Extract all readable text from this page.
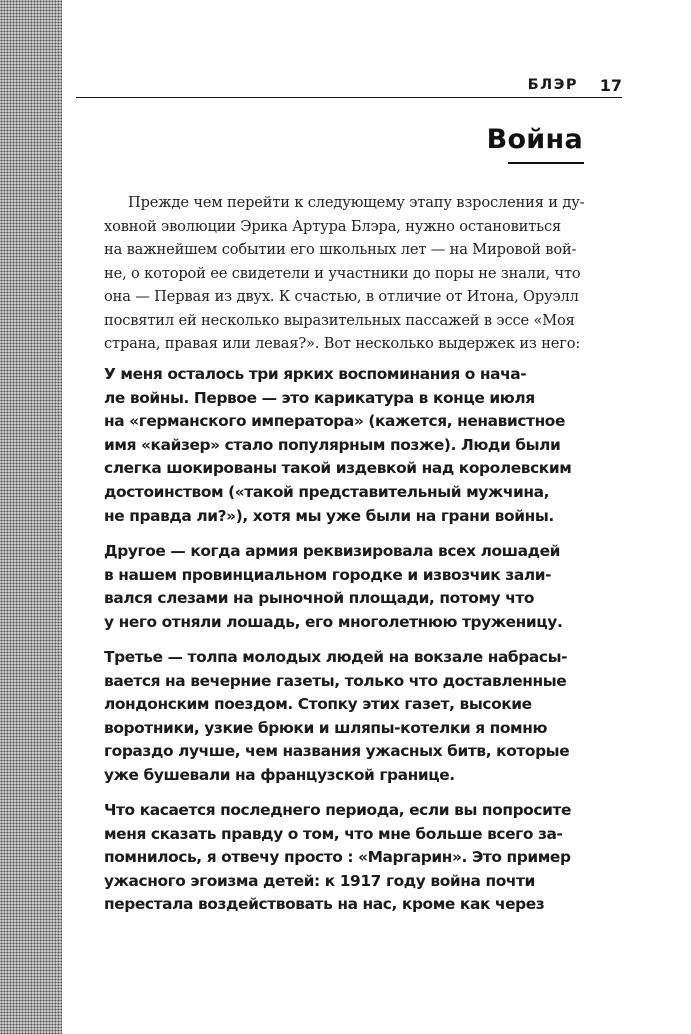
БЛЭР 17
Война
Прежде чем перейти к следующему этапу взросления и ду-
ховной эволюции Эрика Артура Блэра, нужно остановиться
на важнейшем событии его школьных лет — на Мировой вой-
не, о которой ее свидетели и участники до поры не знали, что
она — Первая из двух. К счастью, в отличие от Итона, Оруэлл
посвятил ей несколько выразительных пассажей в эссе «Моя
страна, правая или левая?». Вот несколько выдержек из него:
У меня осталось три ярких воспоминания о нача-
ле войны. Первое — это карикатура в конце июля
на «германского императора» (кажется, ненавистное
имя «кайзер» стало популярным позже). Люди были
слегка шокированы такой издевкой над королевским
достоинством («такой представительный мужчина,
не правда ли?»), хотя мы уже были на грани войны.
Другое — когда армия реквизировала всех лошадей
в нашем провинциальном городке и извозчик зали-
вался слезами на рыночной площади, потому что
у него отняли лошадь, его многолетнюю труженицу.
Третье — толпа молодых людей на вокзале набрасы-
вается на вечерние газеты, только что доставленные
лондонским поездом. Стопку этих газет, высокие
воротники, узкие брюки и шляпы-котелки я помню
гораздо лучше, чем названия ужасных битв, которые
уже бушевали на французской границе.
Что касается последнего периода, если вы попросите
меня сказать правду о том, что мне больше всего за-
помнилось, я отвечу просто : «Маргарин». Это пример
ужасного эгоизма детей: к 1917 году война почти
перестала воздействовать на нас, кроме как через
